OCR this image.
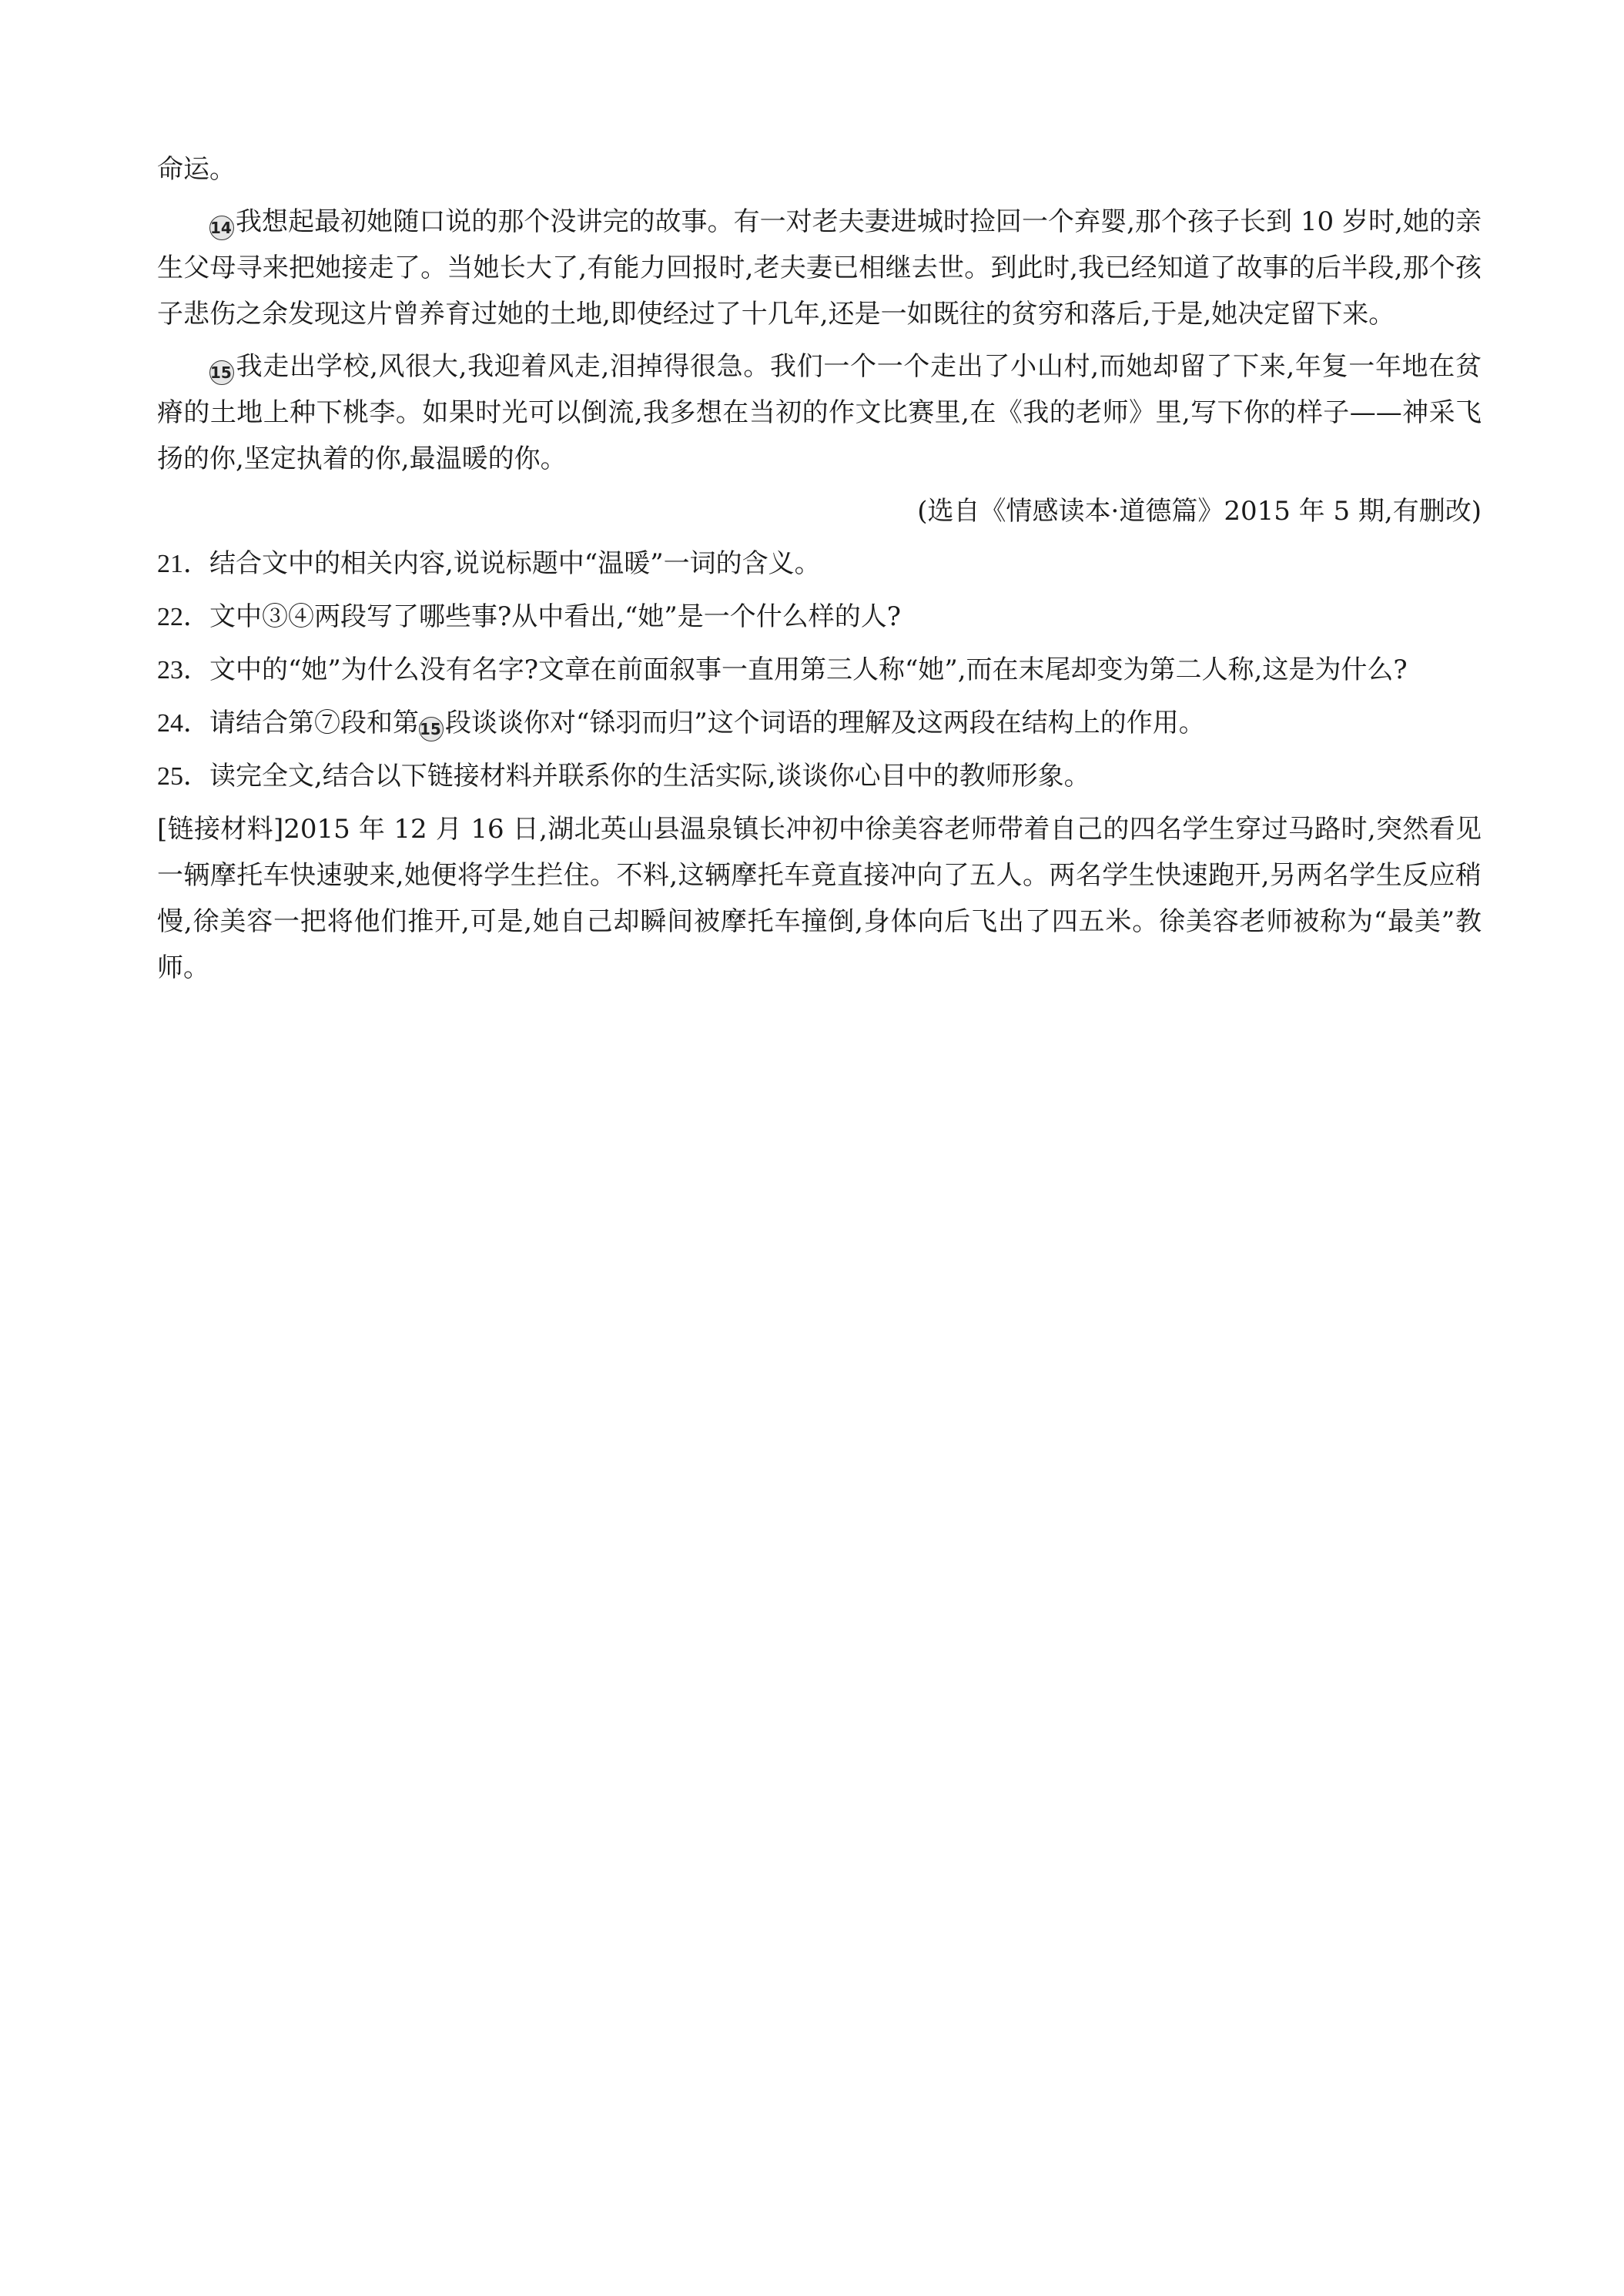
命运。

14 我想起最初她随口说的那个没讲完的故事。有一对老夫妻进城时捡回一个弃婴,那个孩子长到 10 岁时,她的亲生父母寻来把她接走了。当她长大了,有能力回报时,老夫妻已相继去世。到此时,我已经知道了故事的后半段,那个孩子悲伤之余发现这片曾养育过她的土地,即使经过了十几年,还是一如既往的贫穷和落后,于是,她决定留下来。

15 我走出学校,风很大,我迎着风走,泪掉得很急。我们一个一个走出了小山村,而她却留了下来,年复一年地在贫瘠的土地上种下桃李。如果时光可以倒流,我多想在当初的作文比赛里,在《我的老师》里,写下你的样子——神采飞扬的你,坚定执着的你,最温暖的你。

(选自《情感读本·道德篇》2015 年 5 期,有删改)

21．结合文中的相关内容,说说标题中“温暖”一词的含义。

22．文中③④两段写了哪些事?从中看出,“她”是一个什么样的人?

23．文中的“她”为什么没有名字?文章在前面叙事一直用第三人称“她”,而在末尾却变为第二人称,这是为什么?

24．请结合第⑦段和第15 段谈谈你对“铩羽而归”这个词语的理解及这两段在结构上的作用。

25．读完全文,结合以下链接材料并联系你的生活实际,谈谈你心目中的教师形象。

[链接材料]2015 年 12 月 16 日,湖北英山县温泉镇长冲初中徐美容老师带着自己的四名学生穿过马路时,突然看见一辆摩托车快速驶来,她便将学生拦住。不料,这辆摩托车竟直接冲向了五人。两名学生快速跑开,另两名学生反应稍慢,徐美容一把将他们推开,可是,她自己却瞬间被摩托车撞倒,身体向后飞出了四五米。徐美容老师被称为“最美”教师。
